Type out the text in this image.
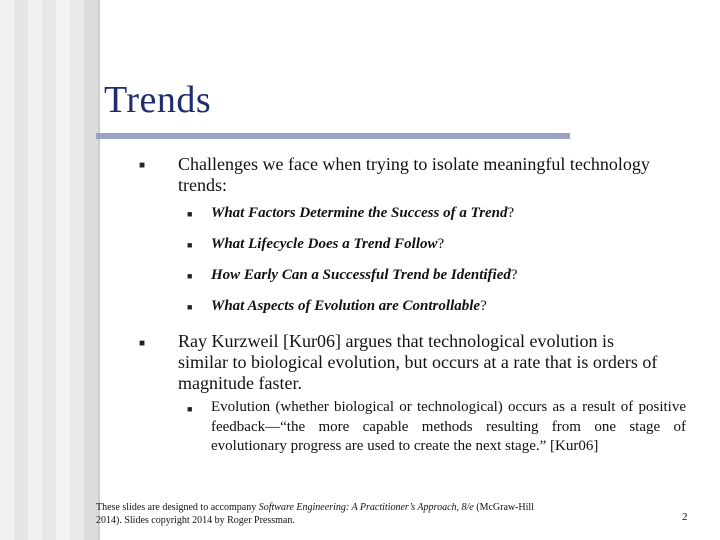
Trends
■ Challenges we face when trying to isolate meaningful technology trends:
■ What Factors Determine the Success of a Trend?
■ What Lifecycle Does a Trend Follow?
■ How Early Can a Successful Trend be Identified?
■ What Aspects of Evolution are Controllable?
■ Ray Kurzweil [Kur06] argues that technological evolution is similar to biological evolution, but occurs at a rate that is orders of magnitude faster.
■ Evolution (whether biological or technological) occurs as a result of positive feedback—“the more capable methods resulting from one stage of evolutionary progress are used to create the next stage.” [Kur06]
These slides are designed to accompany Software Engineering: A Practitioner’s Approach, 8/e (McGraw-Hill 2014). Slides copyright 2014 by Roger Pressman.	2
